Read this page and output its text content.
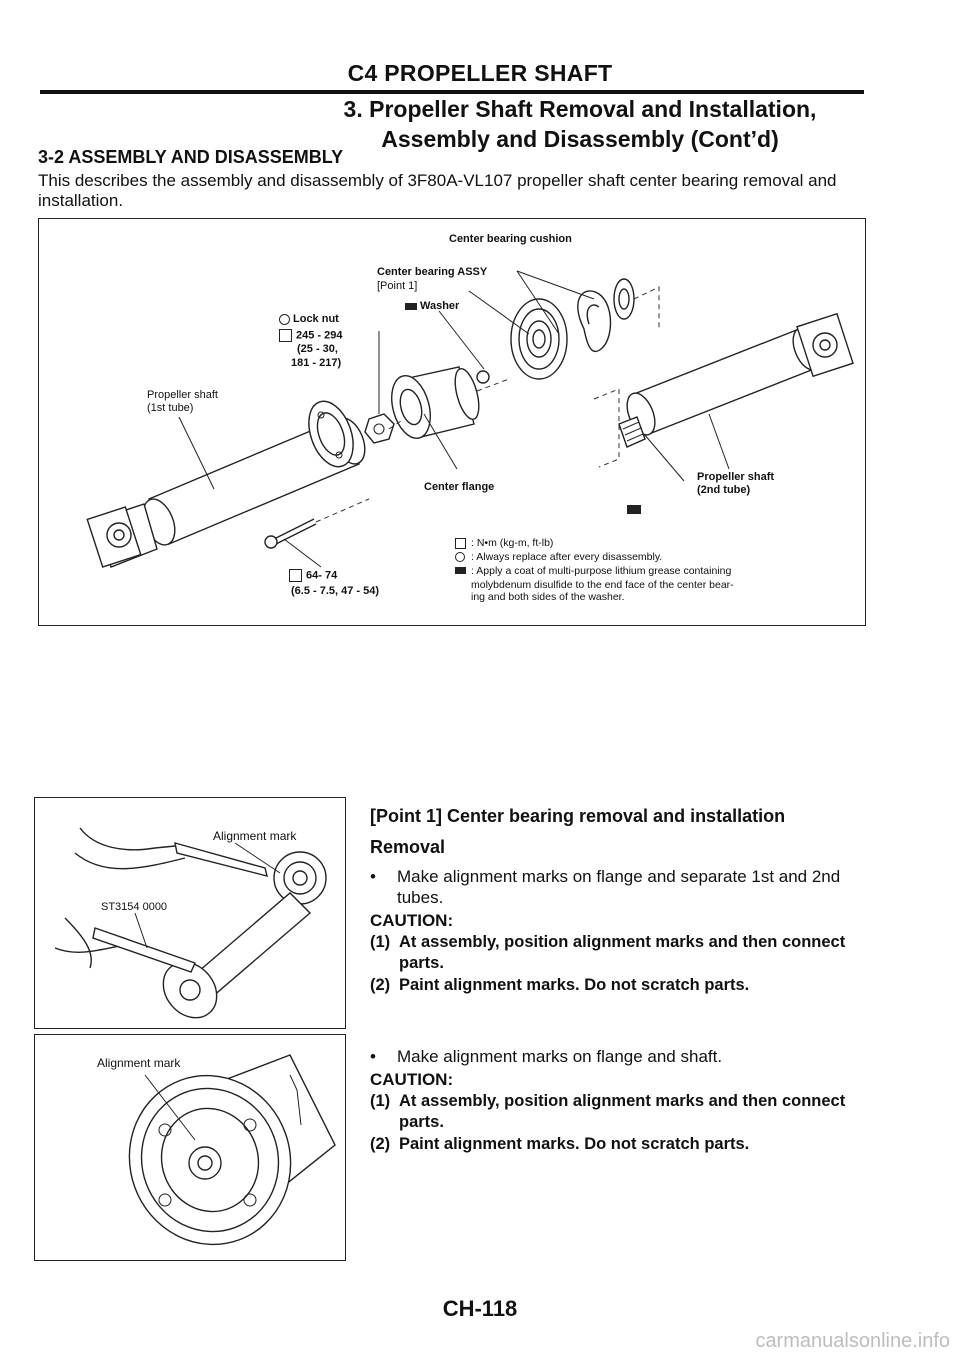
C4 PROPELLER SHAFT
3. Propeller Shaft Removal and Installation,
Assembly and Disassembly (Cont’d)
3-2 ASSEMBLY AND DISASSEMBLY
This describes the assembly and disassembly of 3F80A-VL107 propeller shaft center bearing removal and installation.
Center bearing cushion
Center bearing ASSY
[Point 1]
Washer
Lock nut
245 - 294
(25 - 30,
181 - 217)
Propeller shaft
(1st tube)
Center flange
Propeller shaft
(2nd tube)
64- 74
(6.5 - 7.5, 47 - 54)
: N•m (kg-m, ft-lb)
: Always replace after every disassembly.
: Apply a coat of multi-purpose lithium grease containing
molybdenum disulfide to the end face of the center bear-
ing and both sides of the washer.
Alignment mark
ST3154 0000
Alignment mark
[Point 1] Center bearing removal and installation
Removal
•	Make alignment marks on flange and separate 1st and 2nd tubes.
CAUTION:
(1) At assembly, position alignment marks and then connect parts.
(2) Paint alignment marks. Do not scratch parts.
•	Make alignment marks on flange and shaft.
CAUTION:
(1) At assembly, position alignment marks and then connect parts.
(2) Paint alignment marks. Do not scratch parts.
CH-118
carmanualsonline.info
